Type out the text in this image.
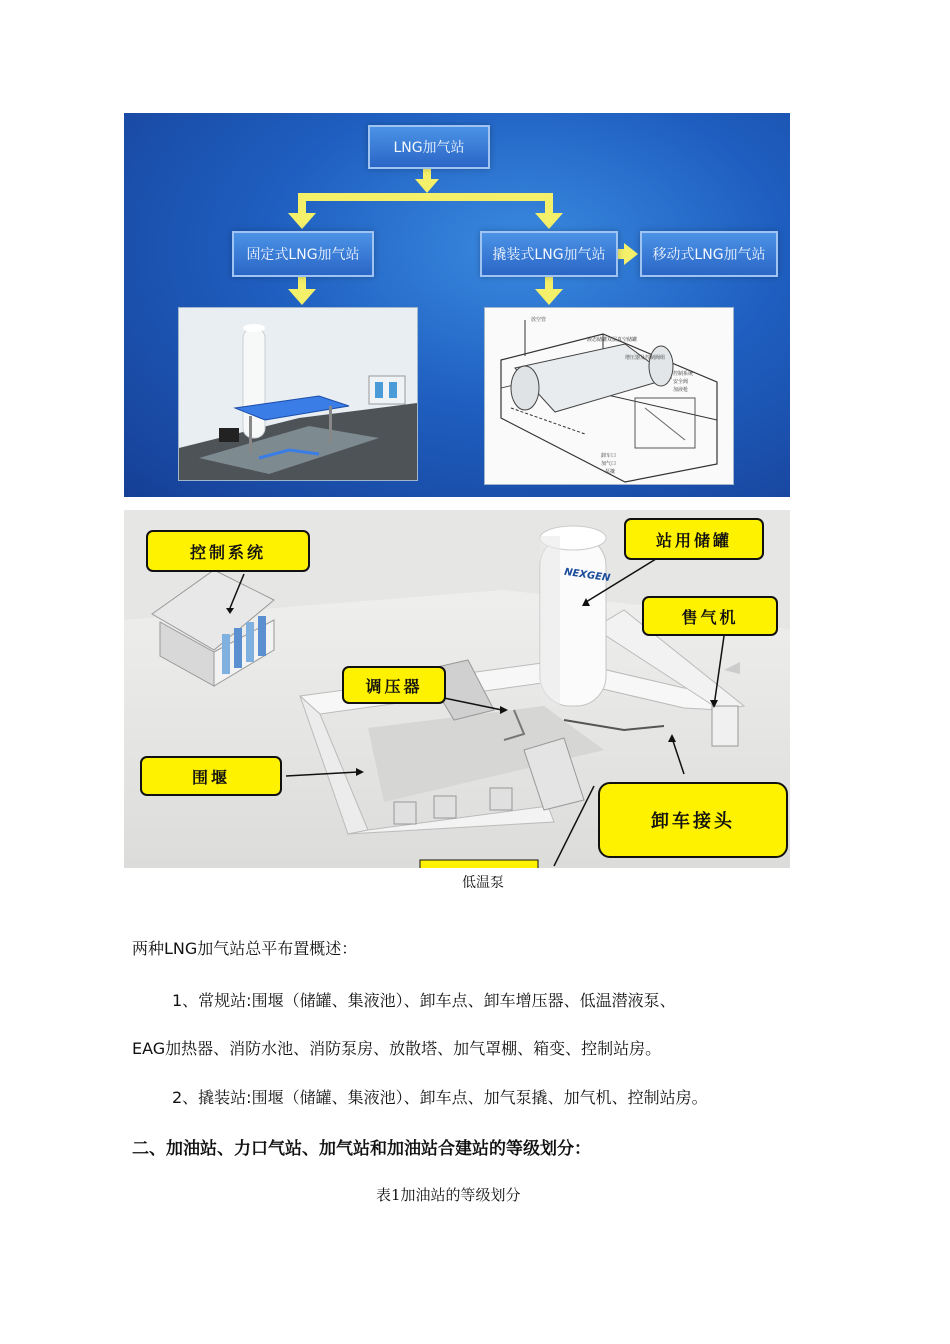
LNG加气站
固定式LNG加气站	撬装式LNG加气站	移动式LNG加气站
放空管
液态储罐双层真空储罐
增压器及控制阀组
控制系统
安全阀
加液枪
卸车口
加气口
泵撬
NEXGEN
控制系统
站用储罐
售气机
调压器
围堰
卸车接头
低温泵
两种LNG加气站总平布置概述：
1、常规站:围堰（储罐、集液池）、卸车点、卸车增压器、低温潜液泵、
EAG加热器、消防水池、消防泵房、放散塔、加气罩棚、箱变、控制站房。
2、撬装站:围堰（储罐、集液池）、卸车点、加气泵撬、加气机、控制站房。
二、加油站、力口气站、加气站和加油站合建站的等级划分：
表1加油站的等级划分
